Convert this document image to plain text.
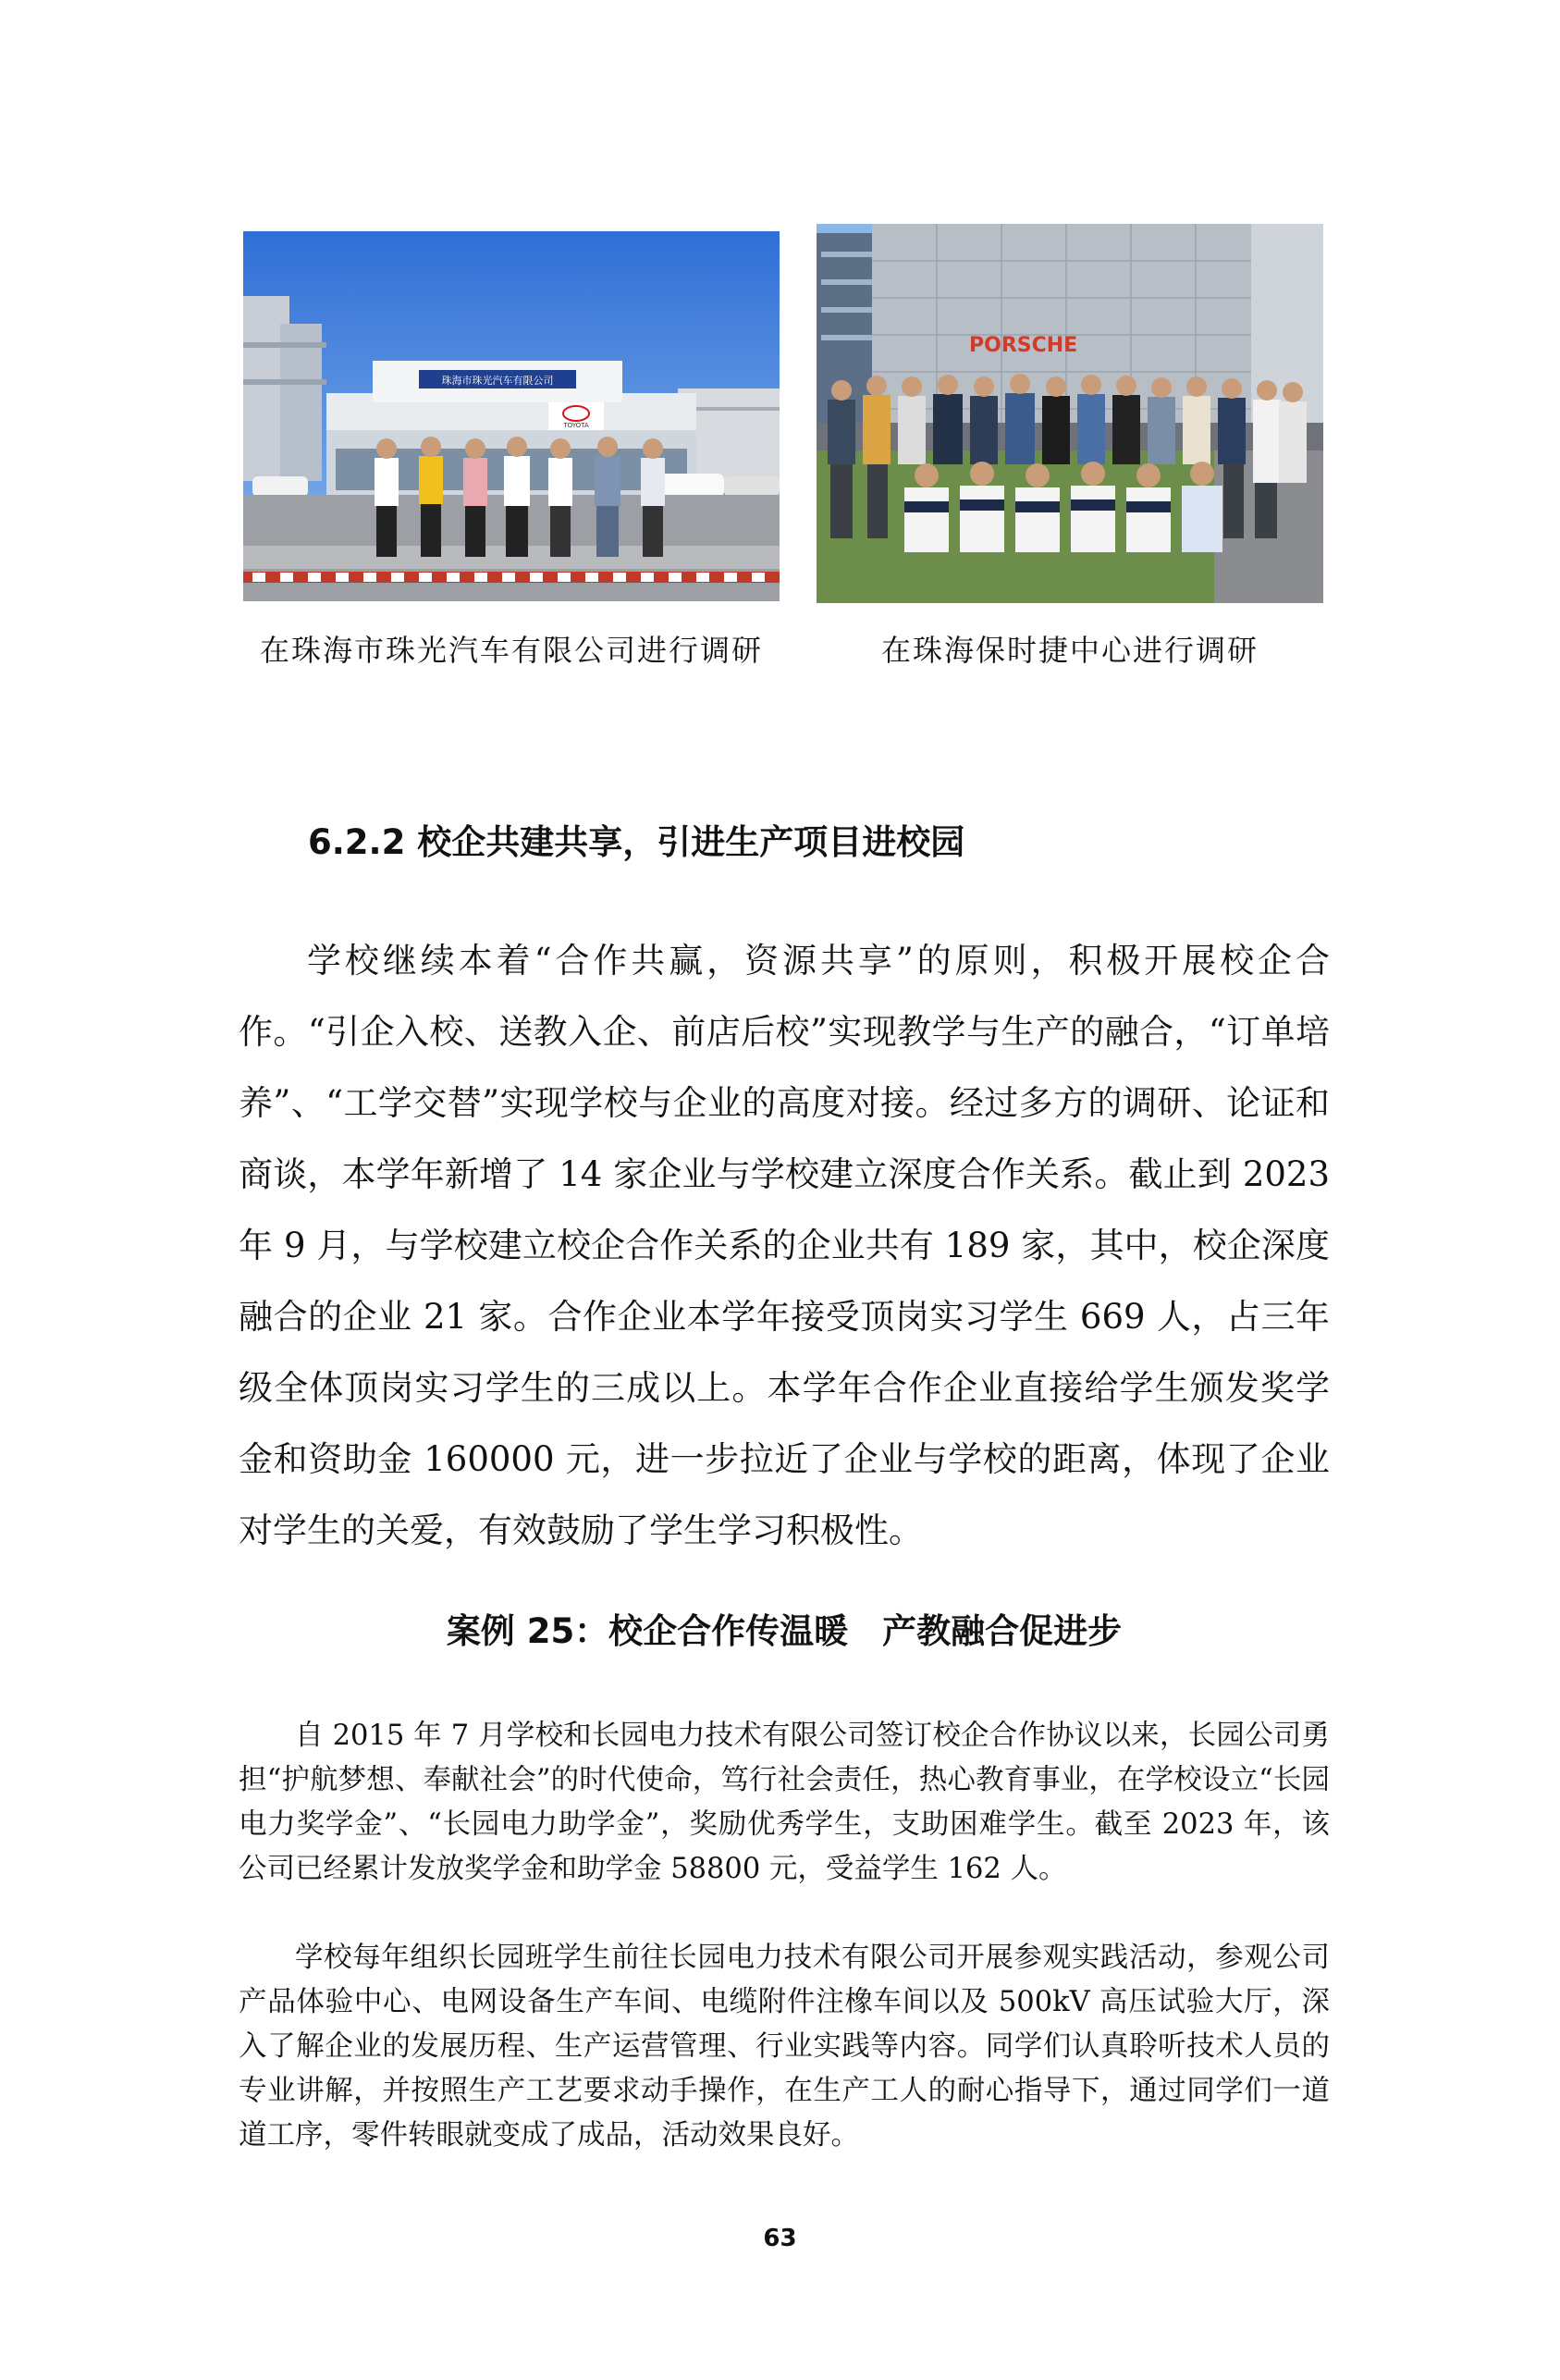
珠海市珠光汽车有限公司
TOYOTA
PORSCHE
在珠海市珠光汽车有限公司进行调研	在珠海保时捷中心进行调研
6.2.2 校企共建共享，引进生产项目进校园

学校继续本着“合作共赢，资源共享”的原则，积极开展校企合作。“引企入校、送教入企、前店后校”实现教学与生产的融合，“订单培养”、“工学交替”实现学校与企业的高度对接。经过多方的调研、论证和商谈，本学年新增了 14 家企业与学校建立深度合作关系。截止到 2023 年 9 月，与学校建立校企合作关系的企业共有 189 家，其中，校企深度融合的企业 21 家。合作企业本学年接受顶岗实习学生 669 人，占三年级全体顶岗实习学生的三成以上。本学年合作企业直接给学生颁发奖学金和资助金 160000 元，进一步拉近了企业与学校的距离，体现了企业对学生的关爱，有效鼓励了学生学习积极性。

案例 25：校企合作传温暖　产教融合促进步

自 2015 年 7 月学校和长园电力技术有限公司签订校企合作协议以来，长园公司勇担“护航梦想、奉献社会”的时代使命，笃行社会责任，热心教育事业，在学校设立“长园电力奖学金”、“长园电力助学金”，奖励优秀学生，支助困难学生。截至 2023 年，该公司已经累计发放奖学金和助学金 58800 元，受益学生 162 人。

学校每年组织长园班学生前往长园电力技术有限公司开展参观实践活动，参观公司产品体验中心、电网设备生产车间、电缆附件注橡车间以及 500kV 高压试验大厅，深入了解企业的发展历程、生产运营管理、行业实践等内容。同学们认真聆听技术人员的专业讲解，并按照生产工艺要求动手操作，在生产工人的耐心指导下，通过同学们一道道工序，零件转眼就变成了成品，活动效果良好。

63
